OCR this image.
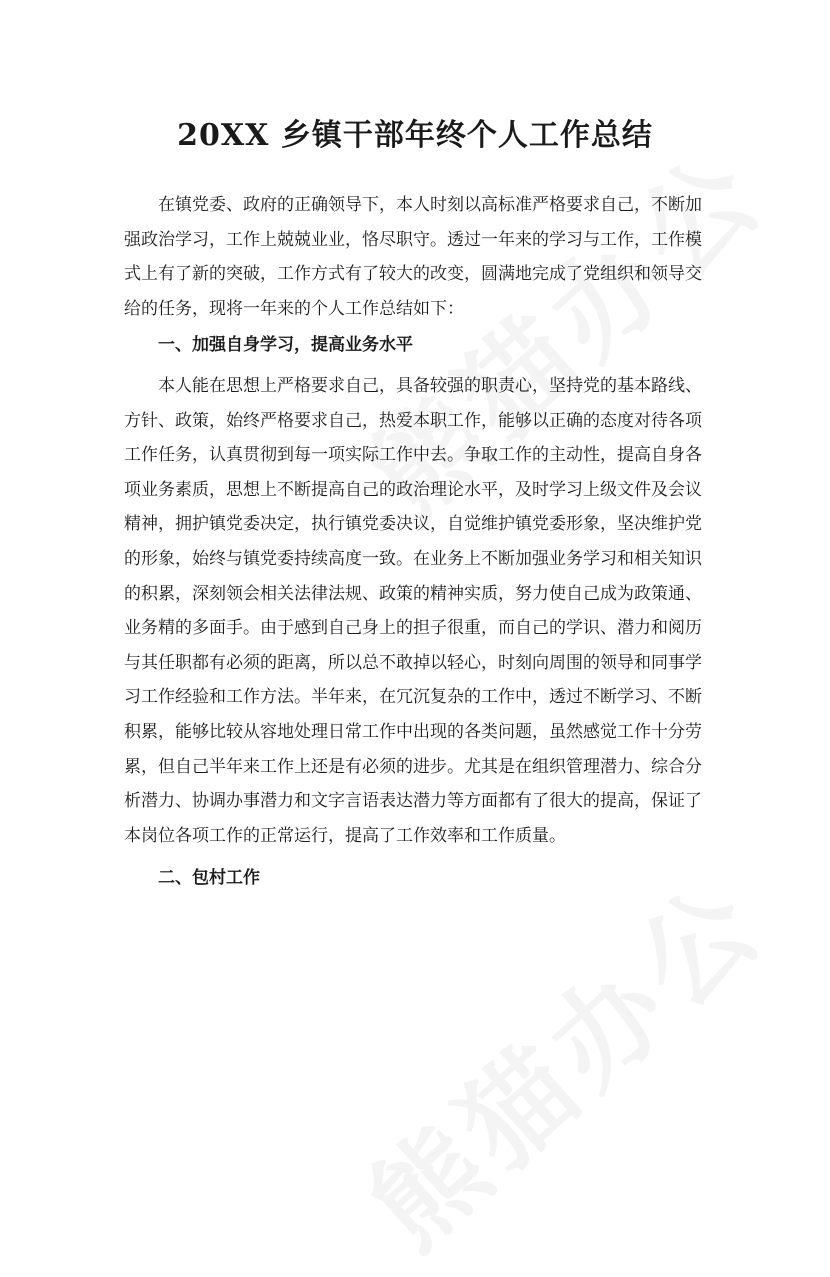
20XX 乡镇干部年终个人工作总结

在镇党委、政府的正确领导下，本人时刻以高标准严格要求自己，不断加强政治学习，工作上兢兢业业，恪尽职守。透过一年来的学习与工作，工作模式上有了新的突破，工作方式有了较大的改变，圆满地完成了党组织和领导交给的任务，现将一年来的个人工作总结如下：

一、加强自身学习，提高业务水平

本人能在思想上严格要求自己，具备较强的职责心，坚持党的基本路线、方针、政策，始终严格要求自己，热爱本职工作，能够以正确的态度对待各项工作任务，认真贯彻到每一项实际工作中去。争取工作的主动性，提高自身各项业务素质，思想上不断提高自己的政治理论水平，及时学习上级文件及会议精神，拥护镇党委决定，执行镇党委决议，自觉维护镇党委形象，坚决维护党的形象，始终与镇党委持续高度一致。在业务上不断加强业务学习和相关知识的积累，深刻领会相关法律法规、政策的精神实质，努力使自己成为政策通、业务精的多面手。由于感到自己身上的担子很重，而自己的学识、潜力和阅历与其任职都有必须的距离，所以总不敢掉以轻心，时刻向周围的领导和同事学习工作经验和工作方法。半年来，在冗沉复杂的工作中，透过不断学习、不断积累，能够比较从容地处理日常工作中出现的各类问题，虽然感觉工作十分劳累，但自己半年来工作上还是有必须的进步。尤其是在组织管理潜力、综合分析潜力、协调办事潜力和文字言语表达潜力等方面都有了很大的提高，保证了本岗位各项工作的正常运行，提高了工作效率和工作质量。

二、包村工作
